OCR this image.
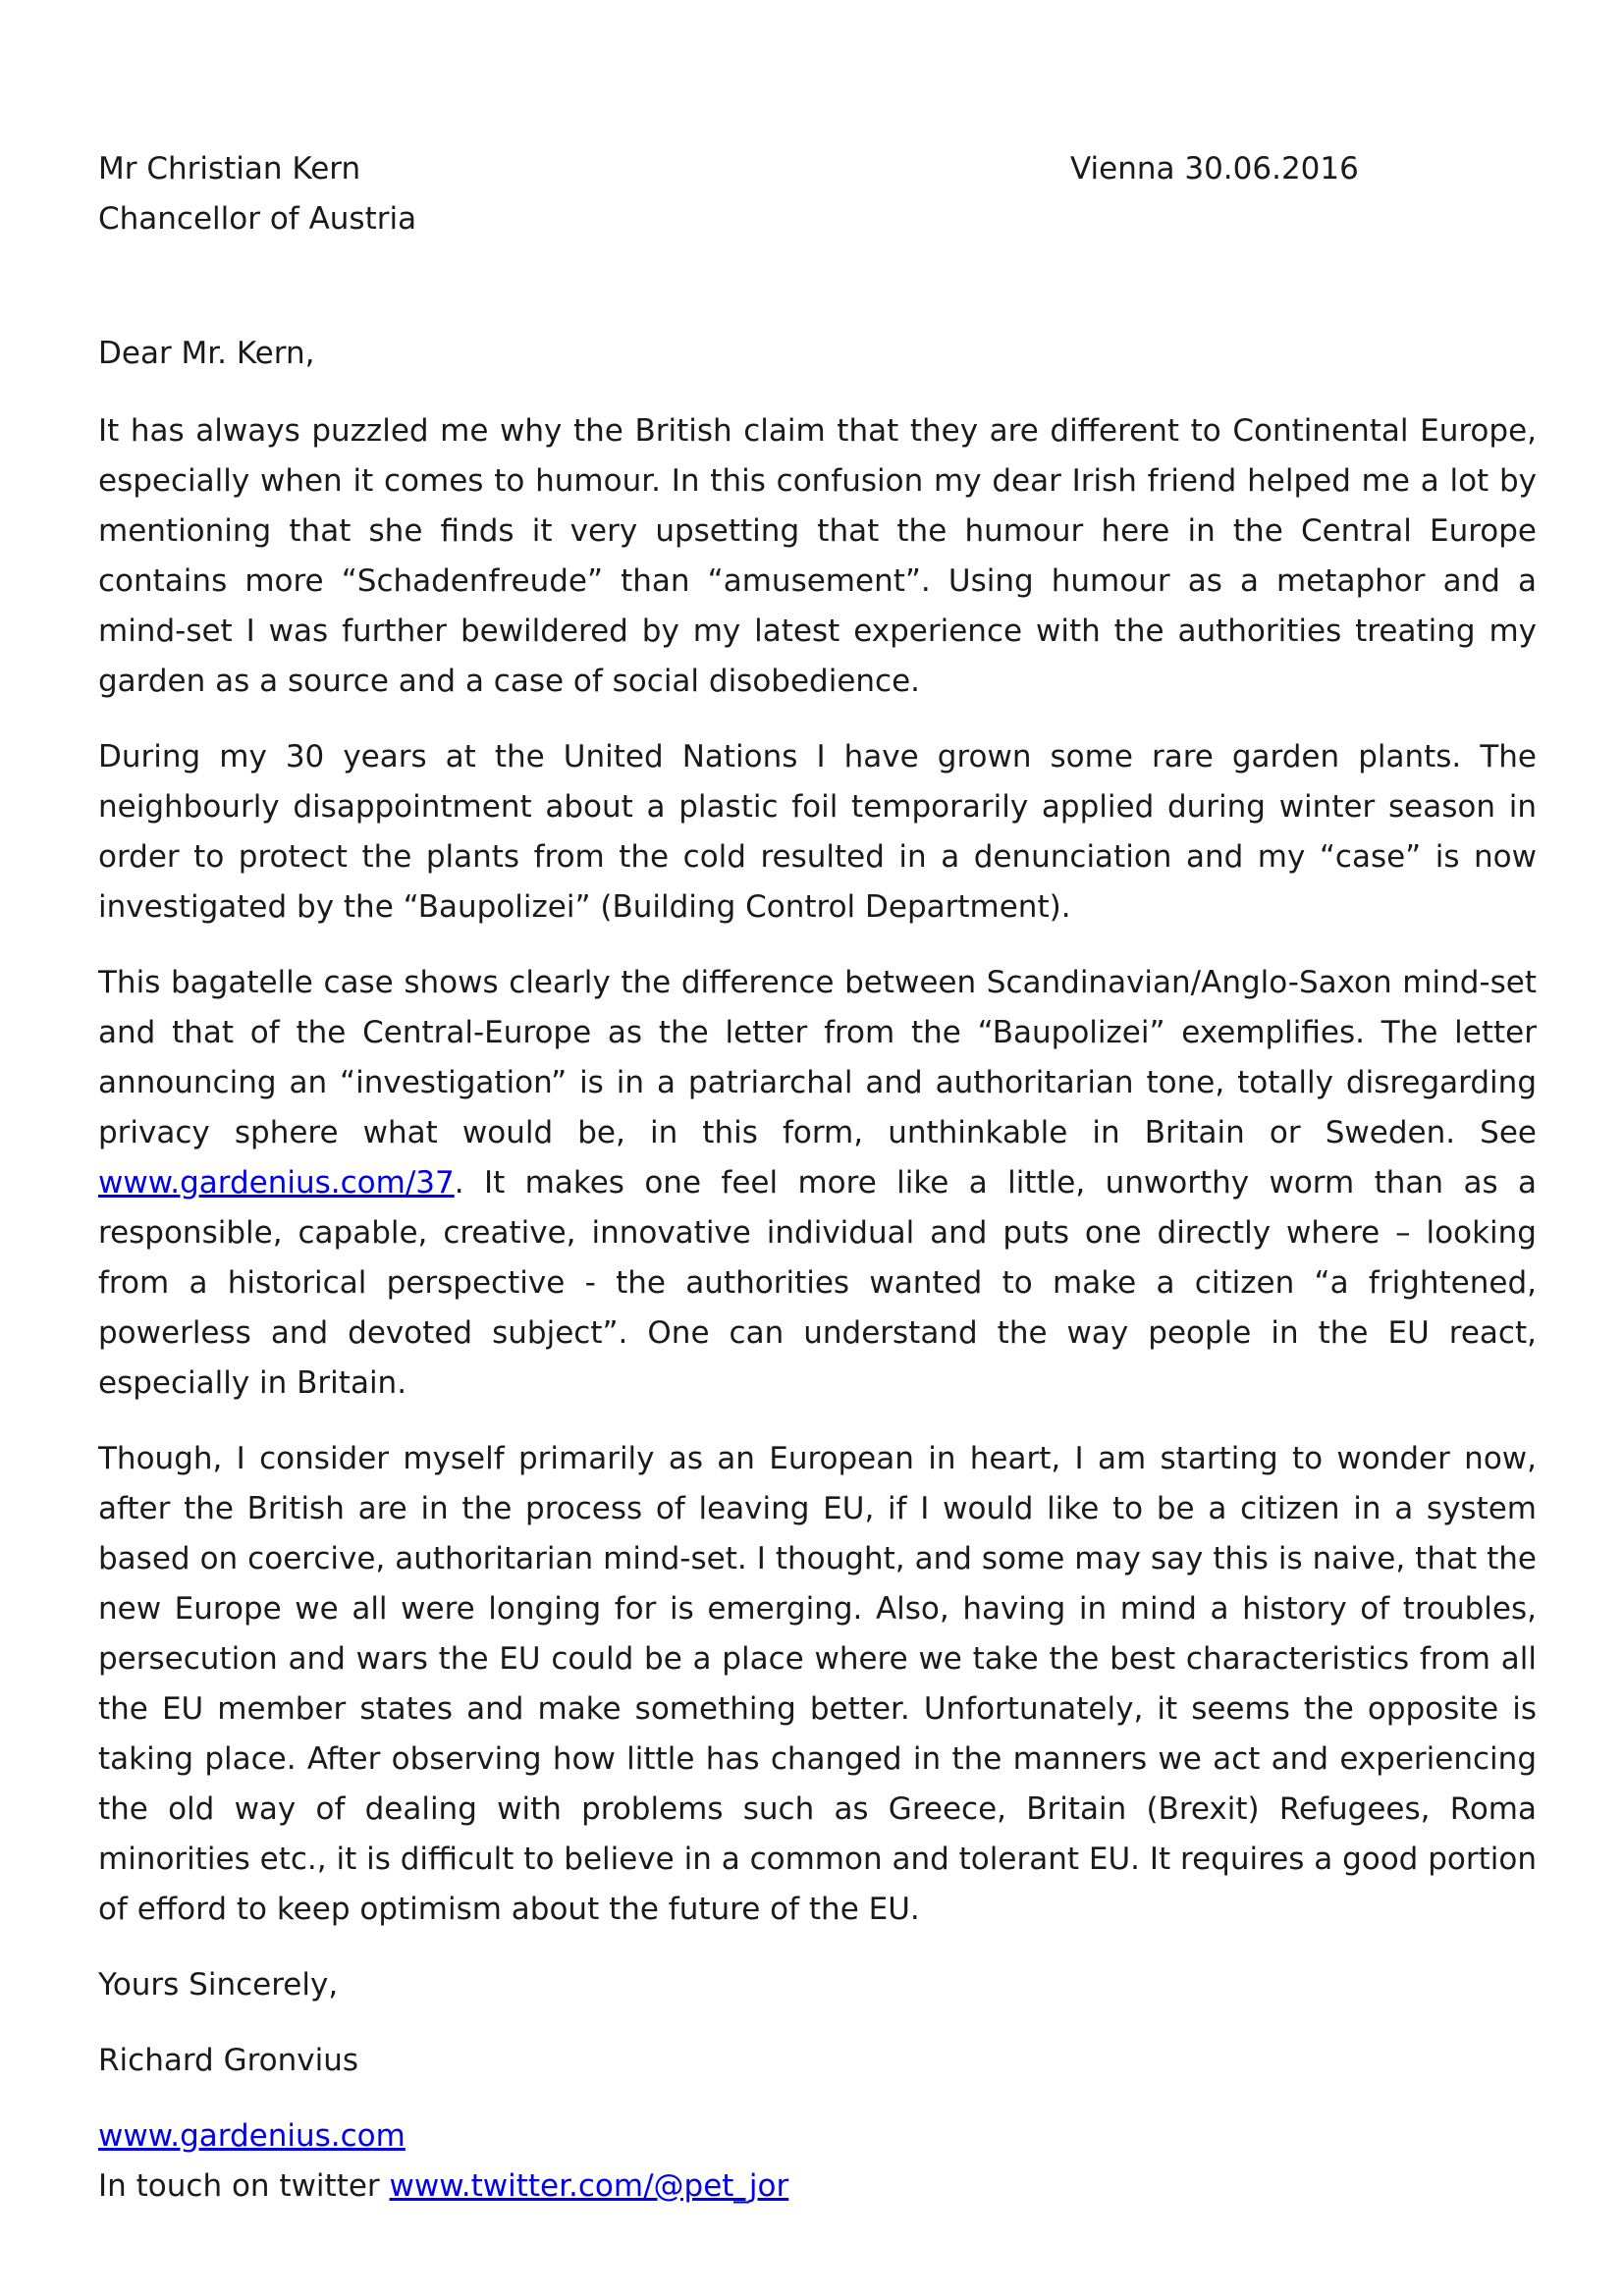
Mr Christian Kern
Chancellor of Austria
Vienna 30.06.2016

Dear Mr. Kern,

It has always puzzled me why the British claim that they are different to Continental Europe, especially when it comes to humour. In this confusion my dear Irish friend helped me a lot by mentioning that she finds it very upsetting that the humour here in the Central Europe contains more “Schadenfreude” than “amusement”. Using humour as a metaphor and a mind-set I was further bewildered by my latest experience with the authorities treating my garden as a source and a case of social disobedience.

During my 30 years at the United Nations I have grown some rare garden plants. The neighbourly disappointment about a plastic foil temporarily applied during winter season in order to protect the plants from the cold resulted in a denunciation and my “case” is now investigated by the “Baupolizei” (Building Control Department).

This bagatelle case shows clearly the difference between Scandinavian/Anglo-Saxon mind-set and that of the Central-Europe as the letter from the “Baupolizei” exemplifies. The letter announcing an “investigation” is in a patriarchal and authoritarian tone, totally disregarding privacy sphere what would be, in this form, unthinkable in Britain or Sweden. See www.gardenius.com/37. It makes one feel more like a little, unworthy worm than as a responsible, capable, creative, innovative individual and puts one directly where – looking from a historical perspective - the authorities wanted to make a citizen “a frightened, powerless and devoted subject”. One can understand the way people in the EU react, especially in Britain.

Though, I consider myself primarily as an European in heart, I am starting to wonder now, after the British are in the process of leaving EU, if I would like to be a citizen in a system based on coercive, authoritarian mind-set. I thought, and some may say this is naive, that the new Europe we all were longing for is emerging. Also, having in mind a history of troubles, persecution and wars the EU could be a place where we take the best characteristics from all the EU member states and make something better. Unfortunately, it seems the opposite is taking place. After observing how little has changed in the manners we act and experiencing the old way of dealing with problems such as Greece, Britain (Brexit) Refugees, Roma minorities etc., it is difficult to believe in a common and tolerant EU. It requires a good portion of efford to keep optimism about the future of the EU.

Yours Sincerely,

Richard Gronvius

www.gardenius.com
In touch on twitter www.twitter.com/@pet_jor
